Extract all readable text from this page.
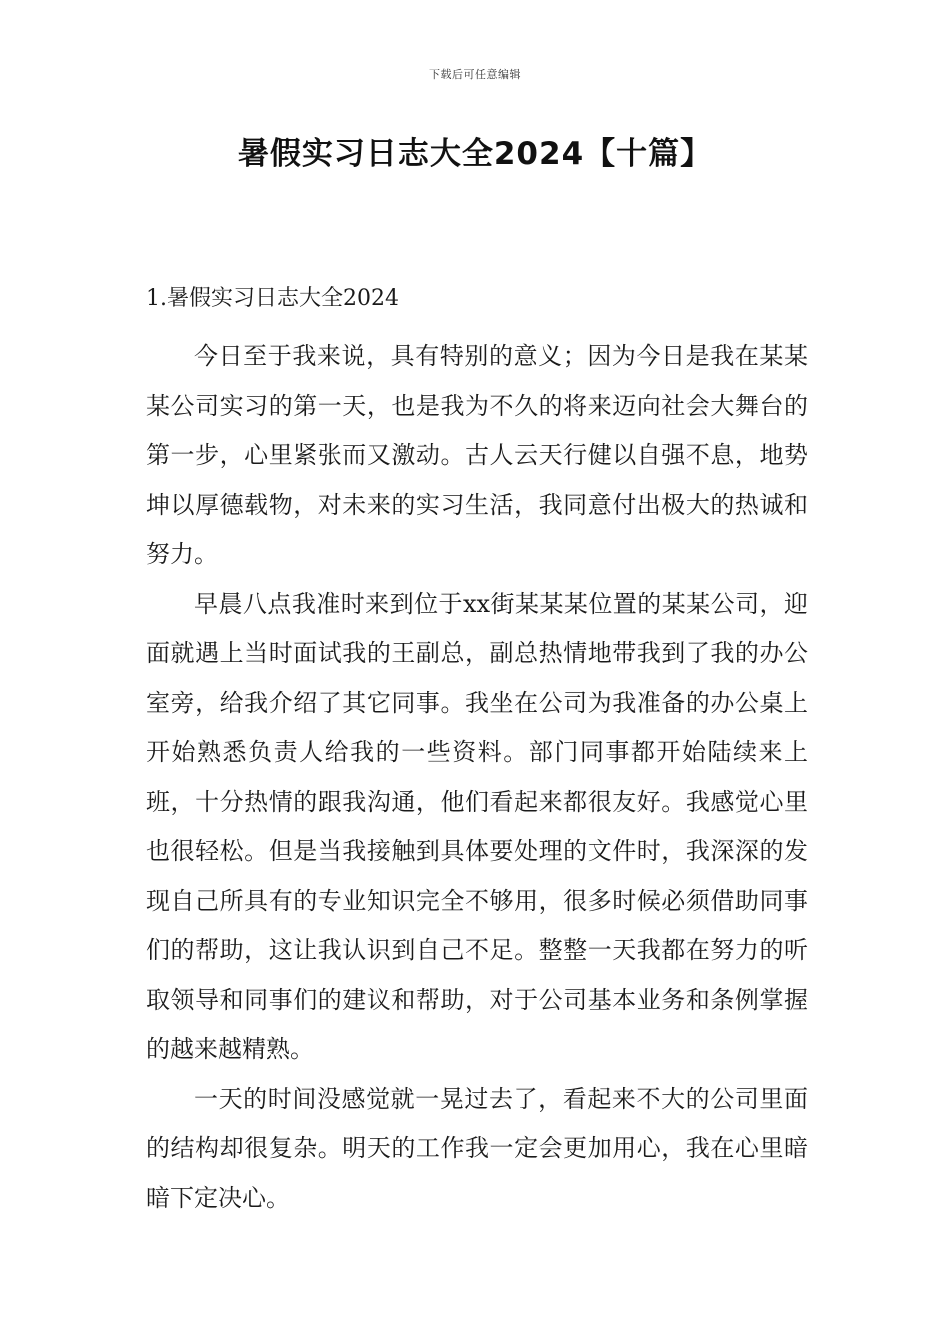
下载后可任意编辑
暑假实习日志大全2024【十篇】
1.暑假实习日志大全2024

今日至于我来说，具有特别的意义；因为今日是我在某某某公司实习的第一天，也是我为不久的将来迈向社会大舞台的第一步，心里紧张而又激动。古人云天行健以自强不息，地势坤以厚德载物，对未来的实习生活，我同意付出极大的热诚和努力。

早晨八点我准时来到位于xx街某某某位置的某某公司，迎面就遇上当时面试我的王副总，副总热情地带我到了我的办公室旁，给我介绍了其它同事。我坐在公司为我准备的办公桌上开始熟悉负责人给我的一些资料。部门同事都开始陆续来上班，十分热情的跟我沟通，他们看起来都很友好。我感觉心里也很轻松。但是当我接触到具体要处理的文件时，我深深的发现自己所具有的专业知识完全不够用，很多时候必须借助同事们的帮助，这让我认识到自己不足。整整一天我都在努力的听取领导和同事们的建议和帮助，对于公司基本业务和条例掌握的越来越精熟。

一天的时间没感觉就一晃过去了，看起来不大的公司里面的结构却很复杂。明天的工作我一定会更加用心，我在心里暗暗下定决心。
